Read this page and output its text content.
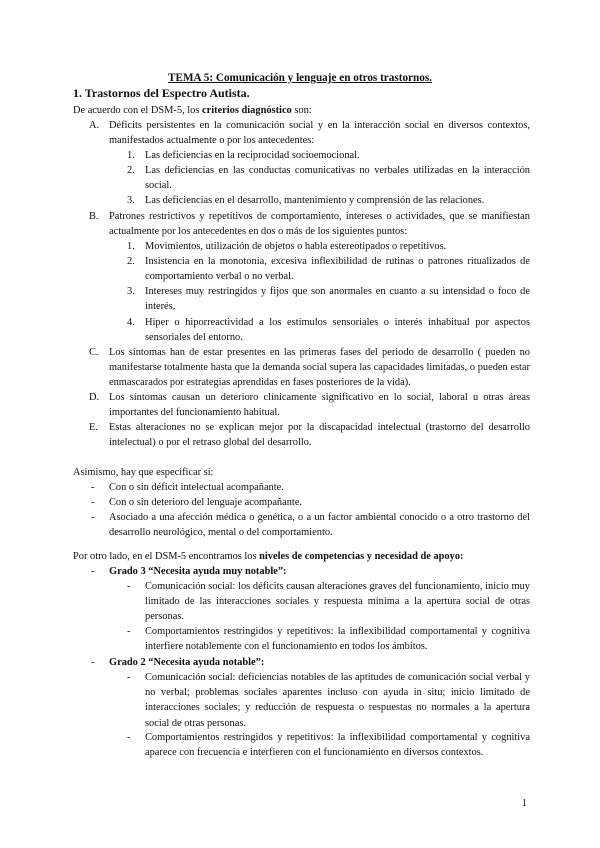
TEMA 5: Comunicación y lenguaje en otros trastornos.
1. Trastornos del Espectro Autista.
De acuerdo con el DSM-5, los criterios diagnóstico son:
A. Déficits persistentes en la comunicación social y en la interacción social en diversos contextos, manifestados actualmente o por los antecedentes:
1. Las deficiencias en la reciprocidad socioemocional.
2. Las deficiencias en las conductas comunicativas no verbales utilizadas en la interacción social.
3. Las deficiencias en el desarrollo, mantenimiento y comprensión de las relaciones.
B. Patrones restrictivos y repetitivos de comportamiento, intereses o actividades, que se manifiestan actualmente por los antecedentes en dos o más de los siguientes puntos:
1. Movimientos, utilización de objetos o habla estereotipados o repetitivos.
2. Insistencia en la monotonía, excesiva inflexibilidad de rutinas o patrones ritualizados de comportamiento verbal o no verbal.
3. Intereses muy restringidos y fijos que son anormales en cuanto a su intensidad o foco de interés.
4. Híper o hiporreactividad a los estímulos sensoriales o interés inhabitual por aspectos sensoriales del entorno.
C. Los síntomas han de estar presentes en las primeras fases del periodo de desarrollo ( pueden no manifestarse totalmente hasta que la demanda social supera las capacidades limitadas, o pueden estar enmascarados por estrategias aprendidas en fases posteriores de la vida).
D. Los síntomas causan un deterioro clínicamente significativo en lo social, laboral u otras áreas importantes del funcionamiento habitual.
E. Estas alteraciones no se explican mejor por la discapacidad intelectual (trastorno del desarrollo intelectual) o por el retraso global del desarrollo.
Asimismo, hay que especificar sí:
- Con o sin déficit intelectual acompañante.
- Con o sin deterioro del lenguaje acompañante.
- Asociado a una afección médica o genética, o a un factor ambiental conocido o a otro trastorno del desarrollo neurológico, mental o del comportamiento.
Por otro lado, en el DSM-5 encontramos los niveles de competencias y necesidad de apoyo:
- Grado 3 “Necesita ayuda muy notable”:
- Comunicación social: los déficits causan alteraciones graves del funcionamiento, inicio muy limitado de las interacciones sociales y respuesta mínima a la apertura social de otras personas.
- Comportamientos restringidos y repetitivos: la inflexibilidad comportamental y cognitiva interfiere notablemente con el funcionamiento en todos los ámbitos.
- Grado 2 “Necesita ayuda notable”:
- Comunicación social: deficiencias notables de las aptitudes de comunicación social verbal y no verbal; problemas sociales aparentes incluso con ayuda in situ; inicio limitado de interacciones sociales; y reducción de respuesta o respuestas no normales a la apertura social de otras personas.
- Comportamientos restringidos y repetitivos: la inflexibilidad comportamental y cognitiva aparece con frecuencia e interfieren con el funcionamiento en diversos contextos.
1
